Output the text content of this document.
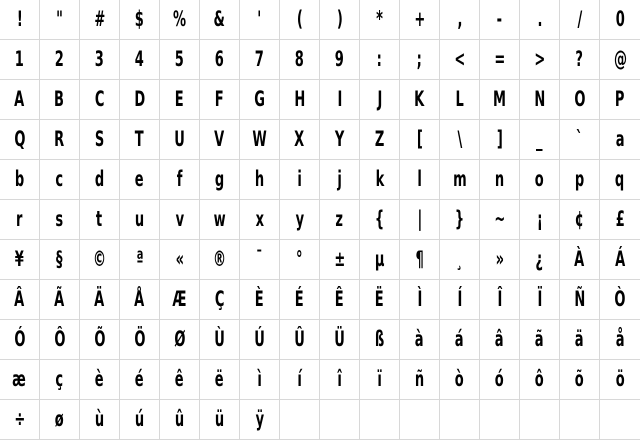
! " # $ % & ' ( ) * + , - . / 0
1 2 3 4 5 6 7 8 9 : ; < = > ? @
A B C D E F G H I J K L M N O P
Q R S T U V W X Y Z [ \ ] _ ` a
b c d e f g h i j k l m n o p q
r s t u v w x y z { | } ~ ¡ ¢ £
¥ § © ª « ® ¯ ° ± µ ¶ ¸ » ¿ À Á
Â Ã Ä Å Æ Ç È É Ê Ë Ì Í Î Ï Ñ Ò
Ó Ô Õ Ö Ø Ù Ú Û Ü ß à á â ã ä å
æ ç è é ê ë ì í î ï ñ ò ó ô õ ö
÷ ø ù ú û ü ÿ
